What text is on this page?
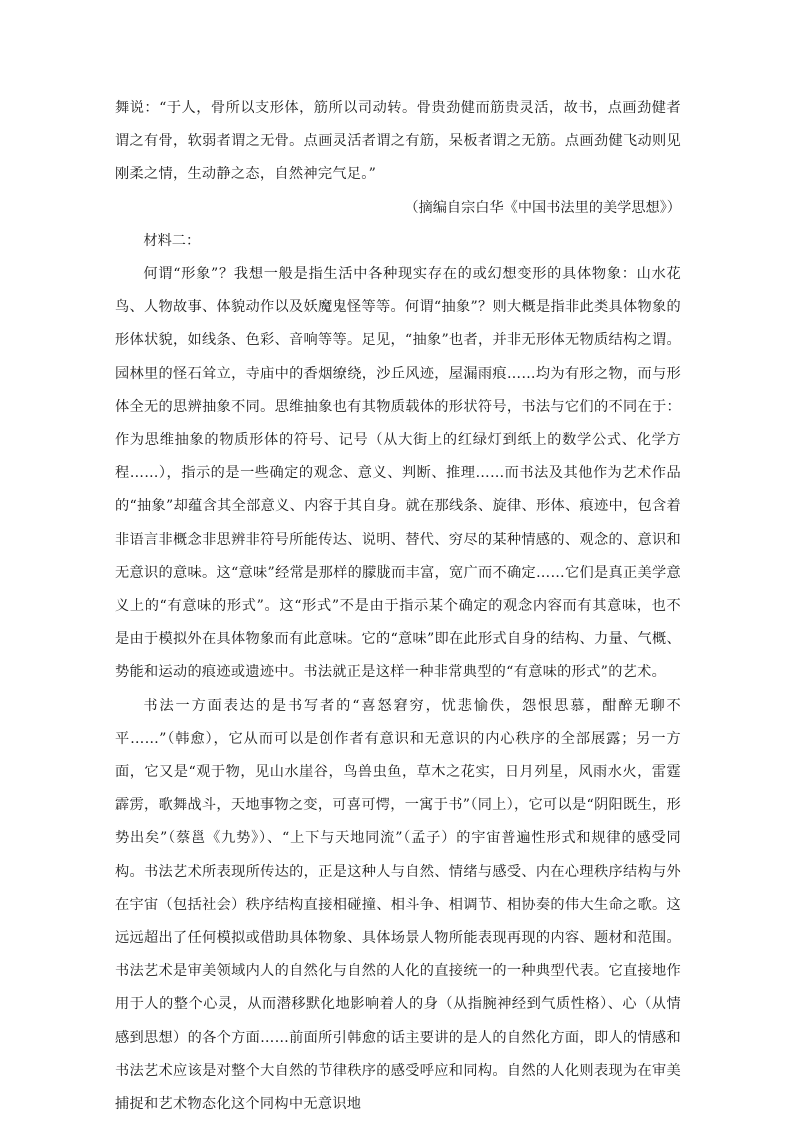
舞说：“于人，骨所以支形体，筋所以司动转。骨贵劲健而筋贵灵活，故书，点画劲健者谓之有骨，软弱者谓之无骨。点画灵活者谓之有筋，呆板者谓之无筋。点画劲健飞动则见刚柔之情，生动静之态，自然神完气足。”

（摘编自宗白华《中国书法里的美学思想》）

材料二：

何谓“形象”？我想一般是指生活中各种现实存在的或幻想变形的具体物象：山水花鸟、人物故事、体貌动作以及妖魔鬼怪等等。何谓“抽象”？则大概是指非此类具体物象的形体状貌，如线条、色彩、音响等等。足见，“抽象”也者，并非无形体无物质结构之谓。园林里的怪石耸立，寺庙中的香烟缭绕，沙丘风迹，屋漏雨痕……均为有形之物，而与形体全无的思辨抽象不同。思维抽象也有其物质载体的形状符号，书法与它们的不同在于：作为思维抽象的物质形体的符号、记号（从大街上的红绿灯到纸上的数学公式、化学方程……），指示的是一些确定的观念、意义、判断、推理……而书法及其他作为艺术作品的“抽象”却蕴含其全部意义、内容于其自身。就在那线条、旋律、形体、痕迹中，包含着非语言非概念非思辨非符号所能传达、说明、替代、穷尽的某种情感的、观念的、意识和无意识的意味。这“意味”经常是那样的朦胧而丰富，宽广而不确定……它们是真正美学意义上的“有意味的形式”。这“形式”不是由于指示某个确定的观念内容而有其意味，也不是由于模拟外在具体物象而有此意味。它的“意味”即在此形式自身的结构、力量、气概、势能和运动的痕迹或遗迹中。书法就正是这样一种非常典型的“有意味的形式”的艺术。

书法一方面表达的是书写者的“喜怒窘穷，忧悲愉佚，怨恨思慕，酣醉无聊不平……”（韩愈），它从而可以是创作者有意识和无意识的内心秩序的全部展露；另一方面，它又是“观于物，见山水崖谷，鸟兽虫鱼，草木之花实，日月列星，风雨水火，雷霆霹雳，歌舞战斗，天地事物之变，可喜可愕，一寓于书”（同上），它可以是“阴阳既生，形势出矣”（蔡邕《九势》）、“上下与天地同流”（孟子）的宇宙普遍性形式和规律的感受同构。书法艺术所表现所传达的，正是这种人与自然、情绪与感受、内在心理秩序结构与外在宇宙（包括社会）秩序结构直接相碰撞、相斗争、相调节、相协奏的伟大生命之歌。这远远超出了任何模拟或借助具体物象、具体场景人物所能表现再现的内容、题材和范围。书法艺术是审美领域内人的自然化与自然的人化的直接统一的一种典型代表。它直接地作用于人的整个心灵，从而潜移默化地影响着人的身（从指腕神经到气质性格）、心（从情感到思想）的各个方面……前面所引韩愈的话主要讲的是人的自然化方面，即人的情感和书法艺术应该是对整个大自然的节律秩序的感受呼应和同构。自然的人化则表现为在审美捕捉和艺术物态化这个同构中无意识地
